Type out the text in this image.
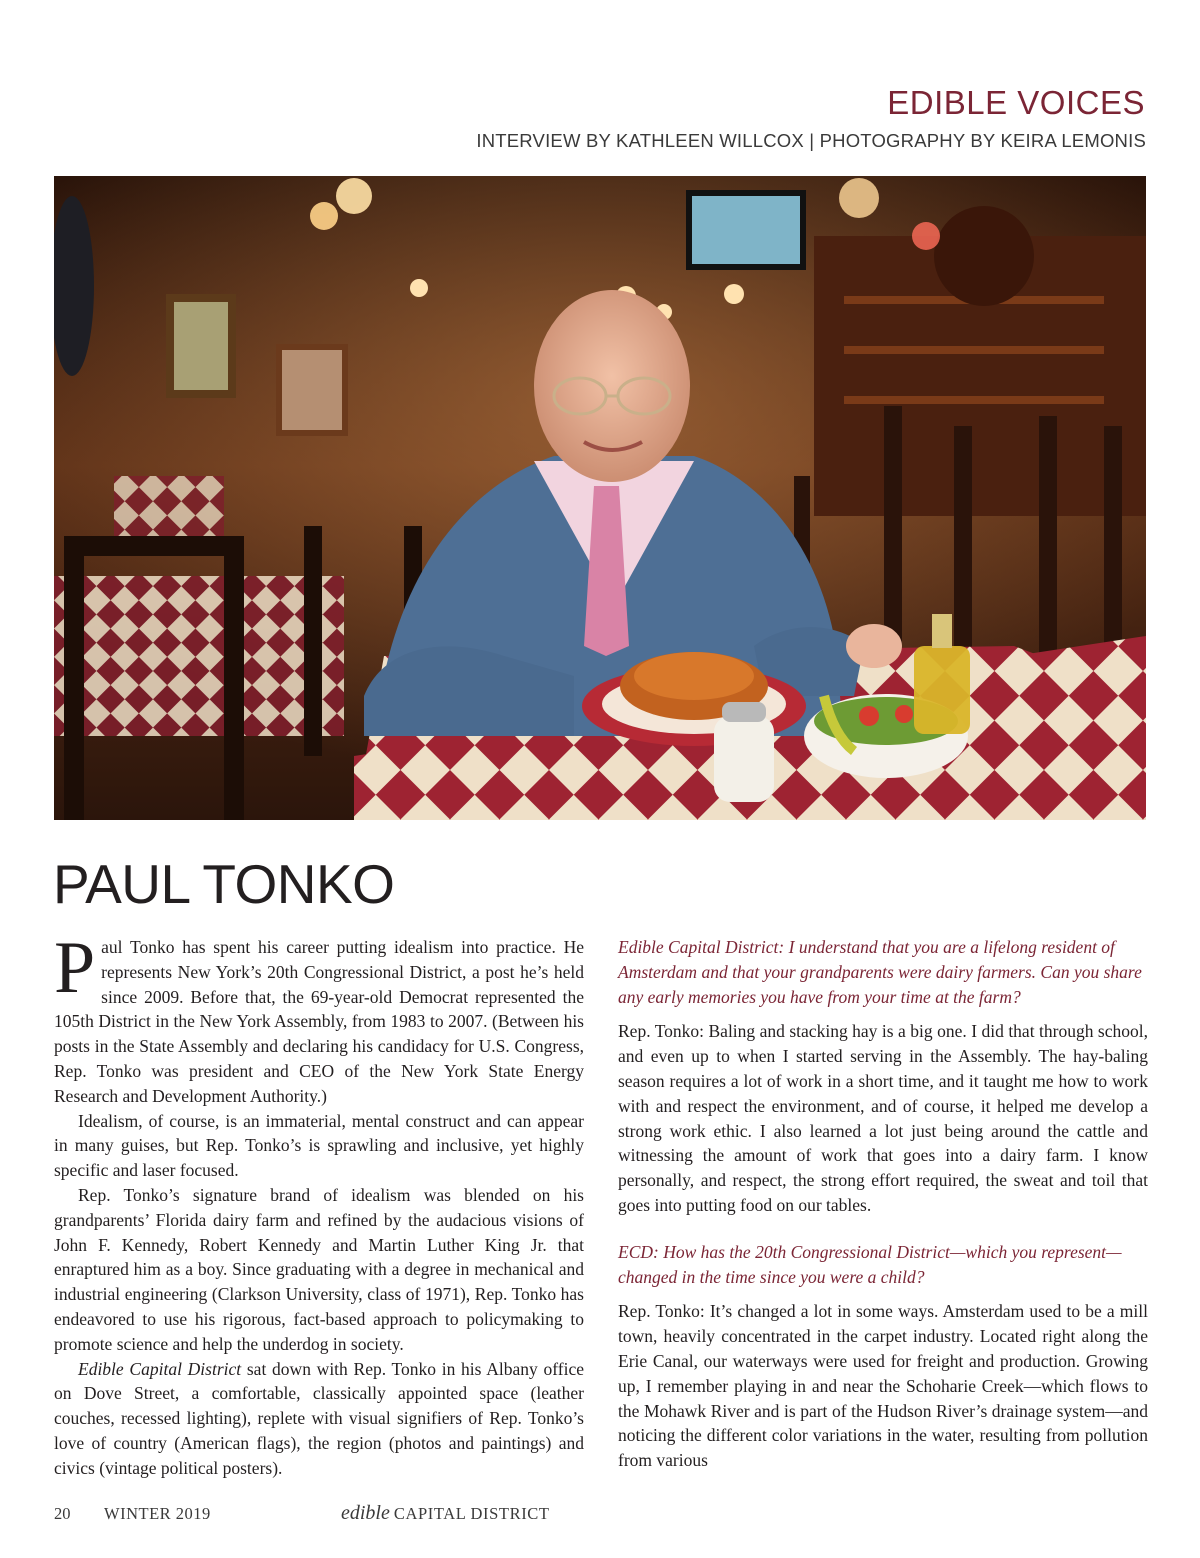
EDIBLE VOICES
INTERVIEW BY KATHLEEN WILLCOX | PHOTOGRAPHY BY KEIRA LEMONIS
PAUL TONKO

Paul Tonko has spent his career putting idealism into practice. He represents New York’s 20th Congressional District, a post he’s held since 2009. Before that, the 69-year-old Democrat represented the 105th District in the New York Assembly, from 1983 to 2007. (Between his posts in the State Assembly and declaring his candidacy for U.S. Congress, Rep. Tonko was president and CEO of the New York State Energy Research and Development Authority.)

Idealism, of course, is an immaterial, mental construct and can appear in many guises, but Rep. Tonko’s is sprawling and inclusive, yet highly specific and laser focused.

Rep. Tonko’s signature brand of idealism was blended on his grandparents’ Florida dairy farm and refined by the audacious visions of John F. Kennedy, Robert Kennedy and Martin Luther King Jr. that enraptured him as a boy. Since graduating with a degree in mechanical and industrial engineering (Clarkson University, class of 1971), Rep. Tonko has endeavored to use his rigorous, fact-based approach to policymaking to promote science and help the underdog in society.

Edible Capital District sat down with Rep. Tonko in his Albany office on Dove Street, a comfortable, classically appointed space (leather couches, recessed lighting), replete with visual signifiers of Rep. Tonko’s love of country (American flags), the region (photos and paintings) and civics (vintage political posters).

Edible Capital District: I understand that you are a lifelong resident of Amsterdam and that your grandparents were dairy farmers. Can you share any early memories you have from your time at the farm?

Rep. Tonko: Baling and stacking hay is a big one. I did that through school, and even up to when I started serving in the Assembly. The hay-baling season requires a lot of work in a short time, and it taught me how to work with and respect the environment, and of course, it helped me develop a strong work ethic. I also learned a lot just being around the cattle and witnessing the amount of work that goes into a dairy farm. I know personally, and respect, the strong effort required, the sweat and toil that goes into putting food on our tables.

ECD: How has the 20th Congressional District—which you represent—changed in the time since you were a child?

Rep. Tonko: It’s changed a lot in some ways. Amsterdam used to be a mill town, heavily concentrated in the carpet industry. Located right along the Erie Canal, our waterways were used for freight and production. Growing up, I remember playing in and near the Schoharie Creek—which flows to the Mohawk River and is part of the Hudson River’s drainage system—and noticing the different color variations in the water, resulting from pollution from various

20	WINTER 2019	edible CAPITAL DISTRICT
